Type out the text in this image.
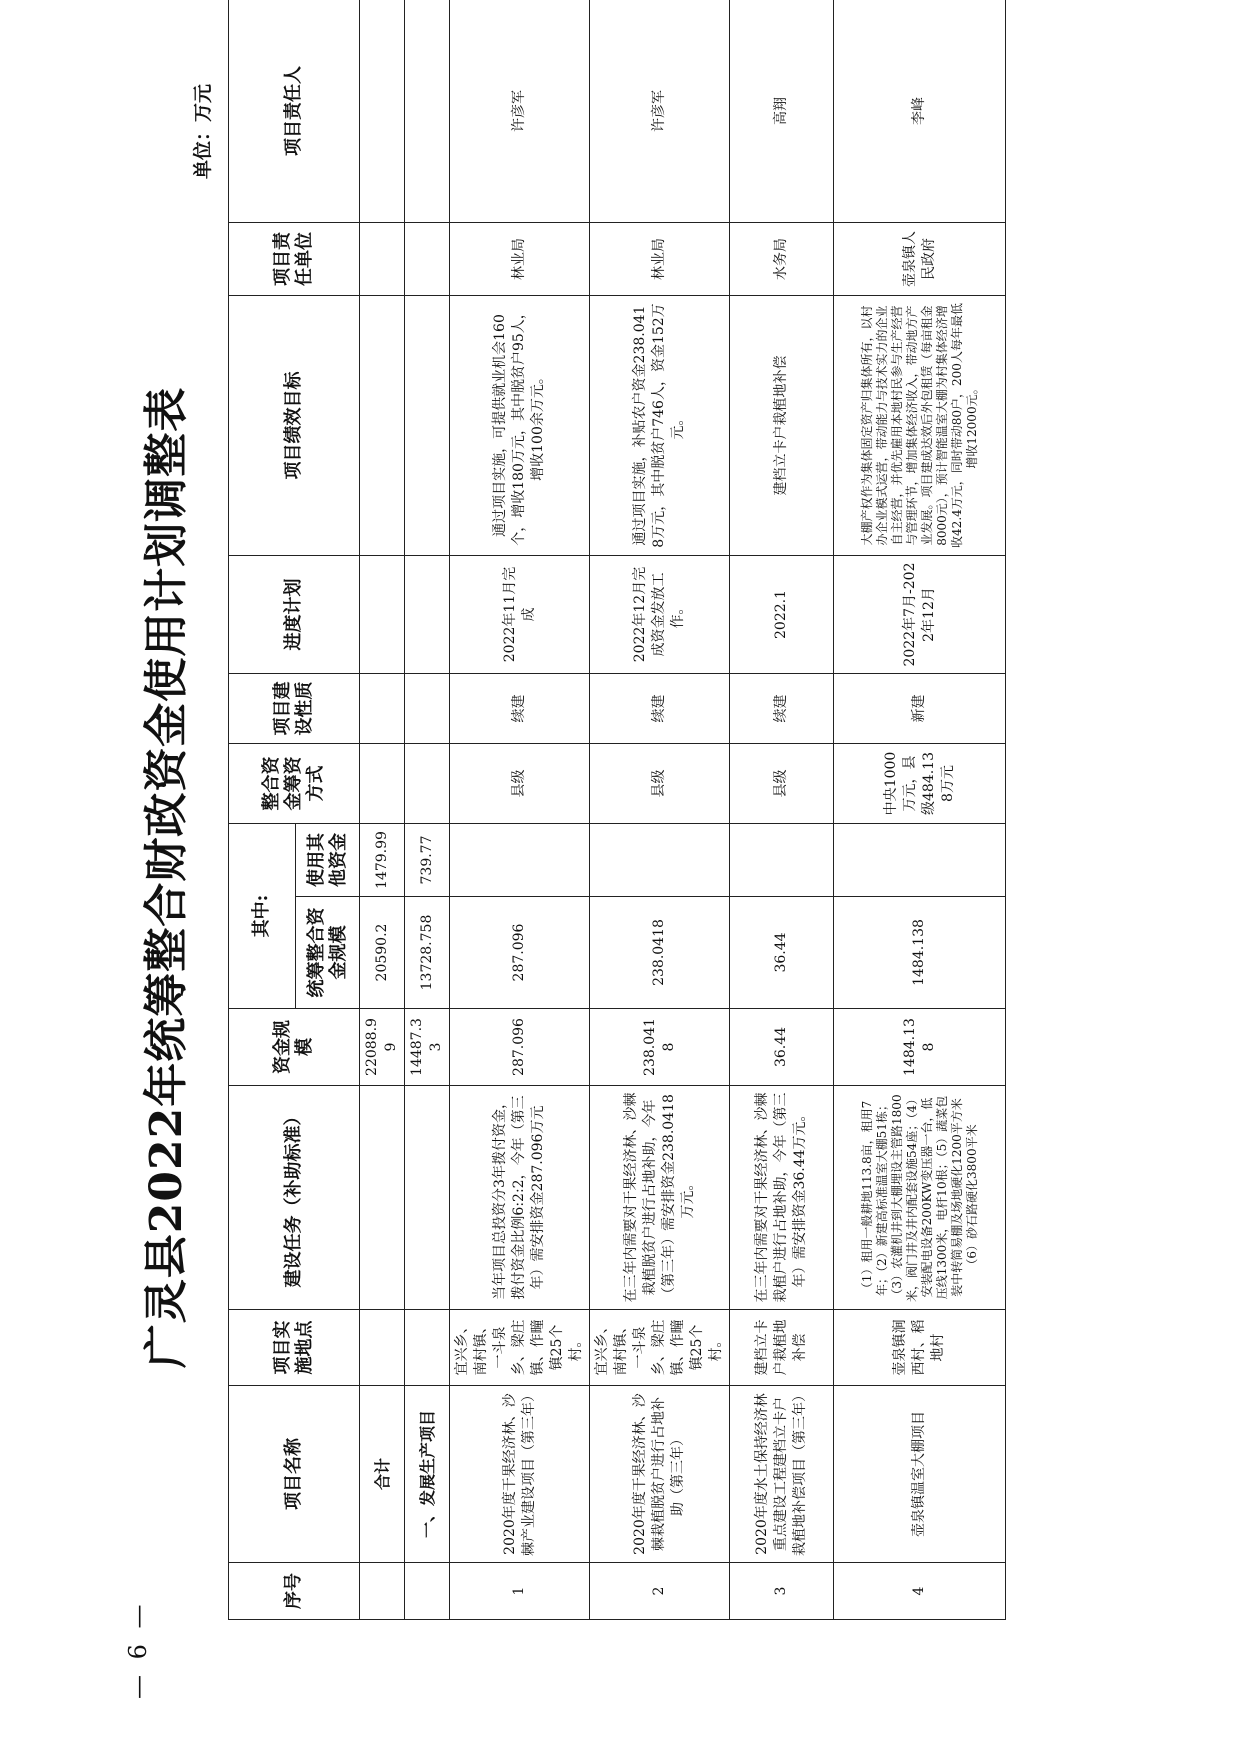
— 6 —
广灵县2022年统筹整合财政资金使用计划调整表
单位：万元
序号	项目名称	项目实施地点	建设任务（补助标准）	资金规模	其中:		整合资金筹资方式	项目建设性质	进度计划	项目绩效目标	项目责任单位	项目责任人
					统筹整合资金规模	使用其他资金						
	合计			22088.99	20590.2	1479.99						
	一、发展生产项目			14487.33	13728.758	739.77						
1	2020年度干果经济林、沙棘产业建设项目（第三年）	宜兴乡、南村镇、一斗泉乡、梁庄镇、作疃镇25个村。	当年项目总投资分3年拨付资金，拨付资金比例6:2:2，今年（第三年）需安排资金287.096万元	287.096	287.096		县级	续建	2022年11月完成	通过项目实施，可提供就业机会160个，增收180万元，其中脱贫户95人，增收100余万元。	林业局	许彦军
2	2020年度干果经济林、沙棘栽植脱贫户进行占地补助（第三年）	宜兴乡、南村镇、一斗泉乡、梁庄镇、作疃镇25个村。	在三年内需要对干果经济林、沙棘栽植脱贫户进行占地补助，今年（第三年）需安排资金238.0418万元。	238.0418	238.0418		县级	续建	2022年12月完成资金发放工作。	通过项目实施，补贴农户资金238.0418万元，其中脱贫户746人，资金152万元。	林业局	许彦军
3	2020年度水土保持经济林重点建设工程建档立卡户栽植地补偿项目（第三年）	建档立卡户栽植地补偿	在三年内需要对干果经济林、沙棘栽植户进行占地补助，今年（第三年）需安排资金36.44万元。	36.44	36.44		县级	续建	2022.1	建档立卡户栽植地补偿	水务局	高翔
4	壶泉镇温室大棚项目	壶泉镇涧西村、稻地村	（1）租用一般耕地113.8亩，租用7年；（2）新建高标准温室大棚51栋；（3）农灌机井到大棚埋设主管路1800米，阀门井及井内配套设施54座；（4）安装配电设备200KW变压器一台，低压线1300米，电杆10根；（5）蔬菜包装中转简易棚及场地硬化1200平方米（6）砂石路硬化3800平米	1484.138	1484.138		中央1000万元，县级484.138万元	新建	2022年7月-2022年12月	大棚产权作为集体固定资产归集体所有，以村办企业模式运营，带动能力与技术实力的企业自主经营，并优先雇用本地村民参与生产经营与管理环节，增加集体经济收入，带动地方产业发展。项目建成达效后外包租赁（每亩租金8000元），预计智能温室大棚为村集体经济增收42.4万元，同时带动80户，200人每年最低增收12000元。	壶泉镇人民政府	李峰
